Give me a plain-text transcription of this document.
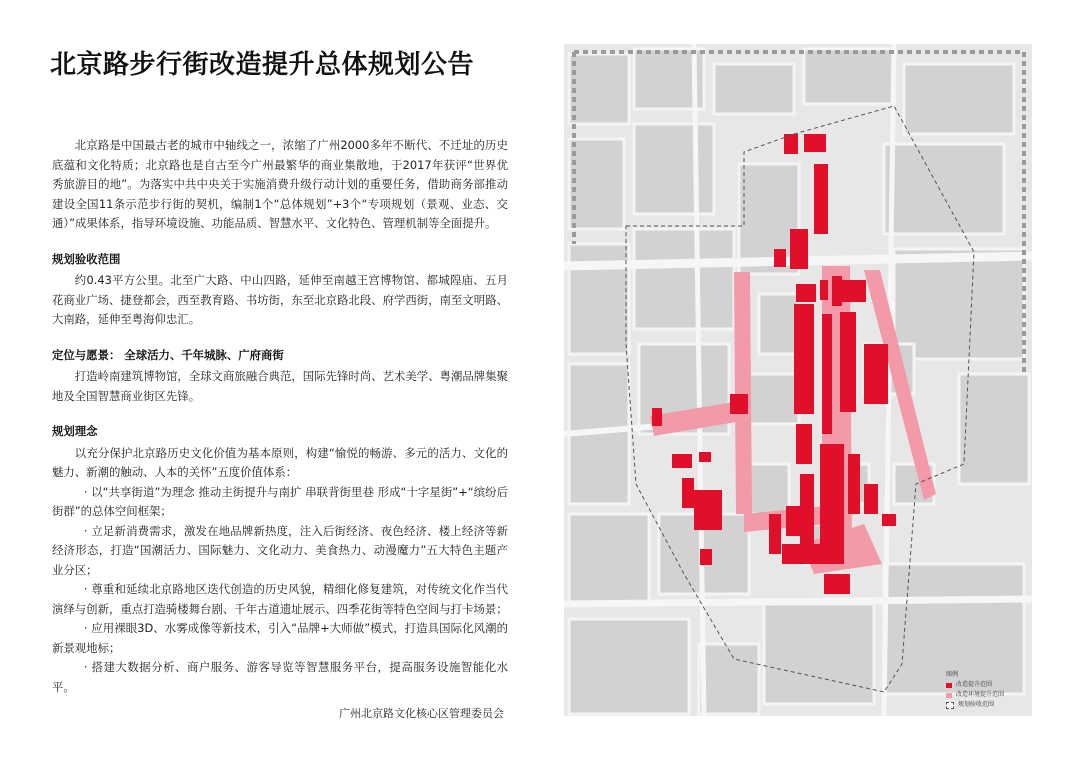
北京路步行街改造提升总体规划公告

北京路是中国最古老的城市中轴线之一，浓缩了广州2000多年不断代、不迁址的历史底蕴和文化特质；北京路也是自古至今广州最繁华的商业集散地，于2017年获评“世界优秀旅游目的地”。为落实中共中央关于实施消费升级行动计划的重要任务，借助商务部推动建设全国11条示范步行街的契机，编制1个“总体规划”+3个“专项规划（景观、业态、交通）”成果体系，指导环境设施、功能品质、智慧水平、文化特色、管理机制等全面提升。

规划验收范围

约0.43平方公里。北至广大路、中山四路，延伸至南越王宫博物馆、都城隍庙、五月花商业广场、捷登都会，西至教育路、书坊街，东至北京路北段、府学西街，南至文明路、大南路，延伸至粤海仰忠汇。

定位与愿景： 全球活力、千年城脉、广府商街

打造岭南建筑博物馆，全球文商旅融合典范，国际先锋时尚、艺术美学、粤潮品牌集聚地及全国智慧商业街区先锋。

规划理念

以充分保护北京路历史文化价值为基本原则，构建“愉悦的畅游、多元的活力、文化的魅力、新潮的触动、人本的关怀”五度价值体系：

· 以“共享街道”为理念 推动主街提升与南扩 串联背街里巷 形成“十字星街”+“缤纷后街群”的总体空间框架；

· 立足新消费需求，激发在地品牌新热度，注入后街经济、夜色经济、楼上经济等新经济形态，打造“国潮活力、国际魅力、文化动力、美食热力、动漫魔力”五大特色主题产业分区；

· 尊重和延续北京路地区迭代创造的历史风貌，精细化修复建筑，对传统文化作当代演绎与创新，重点打造骑楼舞台剧、千年古道遗址展示、四季花街等特色空间与打卡场景；

· 应用裸眼3D、水雾成像等新技术，引入“品牌+大师做”模式，打造具国际化风潮的新景观地标；

· 搭建大数据分析、商户服务、游客导览等智慧服务平台，提高服务设施智能化水平。

广州北京路文化核心区管理委员会
图例
改造提升范围
改造环境提升范围
规划验收范围
